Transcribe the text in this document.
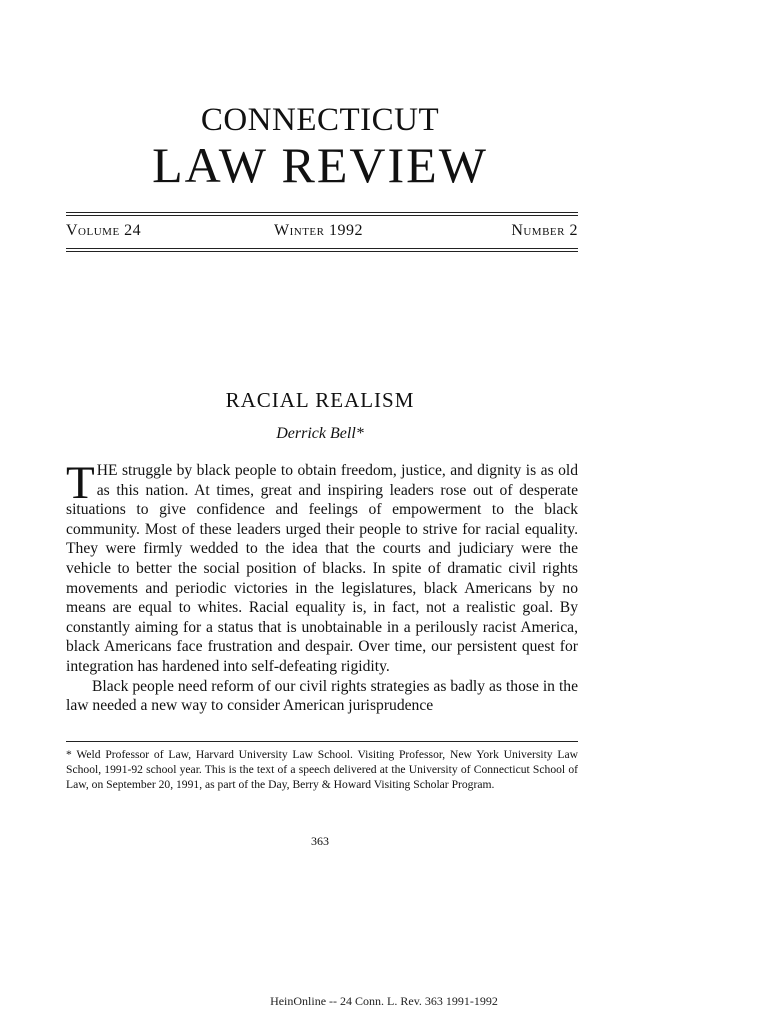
CONNECTICUT
LAW REVIEW
Volume 24	Winter 1992	Number 2
RACIAL REALISM
Derrick Bell*

THE struggle by black people to obtain freedom, justice, and dignity is as old as this nation. At times, great and inspiring leaders rose out of desperate situations to give confidence and feelings of empowerment to the black community. Most of these leaders urged their people to strive for racial equality. They were firmly wedded to the idea that the courts and judiciary were the vehicle to better the social position of blacks. In spite of dramatic civil rights movements and periodic victories in the legislatures, black Americans by no means are equal to whites. Racial equality is, in fact, not a realistic goal. By constantly aiming for a status that is unobtainable in a perilously racist America, black Americans face frustration and despair. Over time, our persistent quest for integration has hardened into self-defeating rigidity.

Black people need reform of our civil rights strategies as badly as those in the law needed a new way to consider American jurisprudence

* Weld Professor of Law, Harvard University Law School. Visiting Professor, New York University Law School, 1991-92 school year. This is the text of a speech delivered at the University of Connecticut School of Law, on September 20, 1991, as part of the Day, Berry & Howard Visiting Scholar Program.
363
HeinOnline -- 24 Conn. L. Rev. 363 1991-1992
